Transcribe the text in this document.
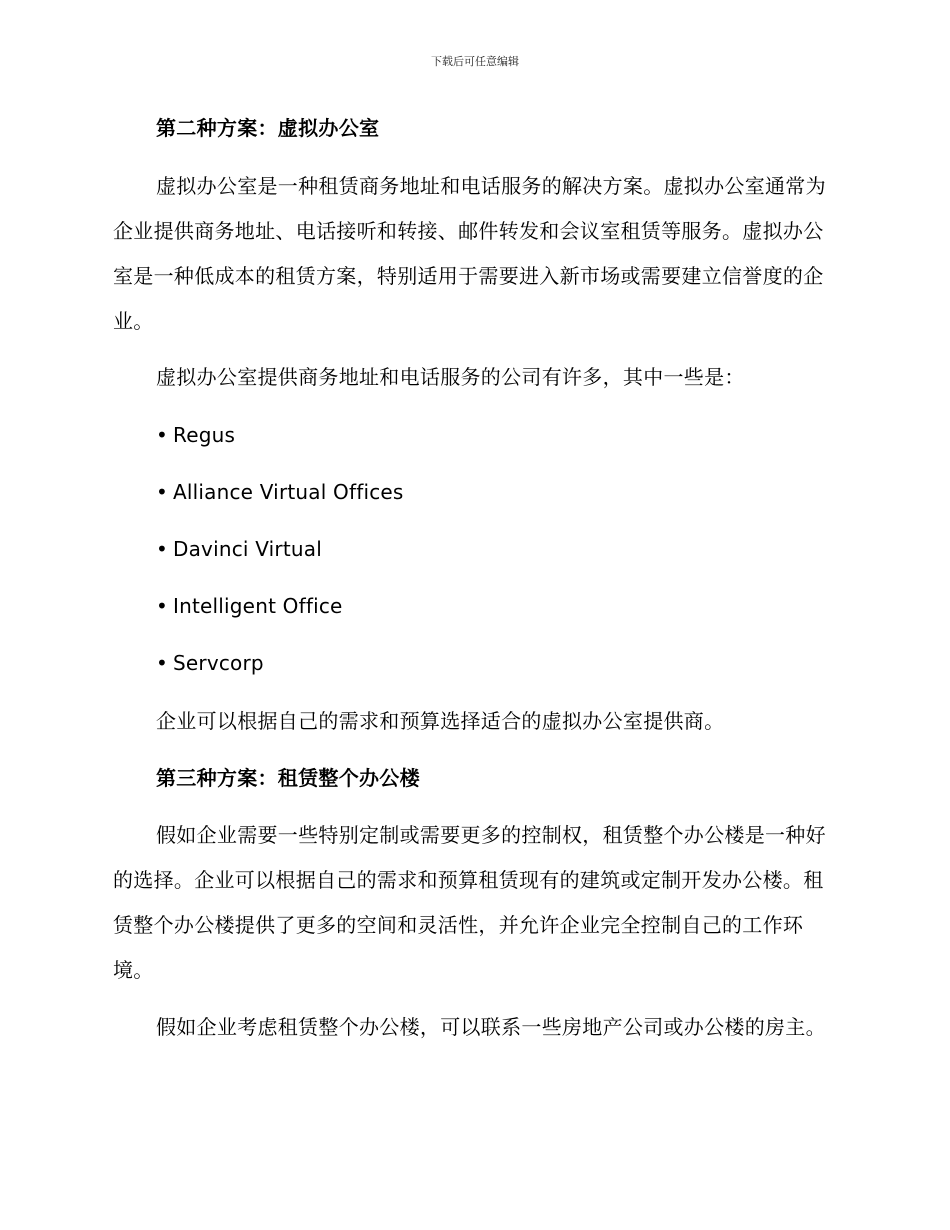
下载后可任意编辑
第二种方案：虚拟办公室
虚拟办公室是一种租赁商务地址和电话服务的解决方案。虚拟办公室通常为企业提供商务地址、电话接听和转接、邮件转发和会议室租赁等服务。虚拟办公室是一种低成本的租赁方案，特别适用于需要进入新市场或需要建立信誉度的企业。
虚拟办公室提供商务地址和电话服务的公司有许多，其中一些是：
• Regus
• Alliance Virtual Offices
• Davinci Virtual
• Intelligent Office
• Servcorp
企业可以根据自己的需求和预算选择适合的虚拟办公室提供商。
第三种方案：租赁整个办公楼
假如企业需要一些特别定制或需要更多的控制权，租赁整个办公楼是一种好的选择。企业可以根据自己的需求和预算租赁现有的建筑或定制开发办公楼。租赁整个办公楼提供了更多的空间和灵活性，并允许企业完全控制自己的工作环境。
假如企业考虑租赁整个办公楼，可以联系一些房地产公司或办公楼的房主。
